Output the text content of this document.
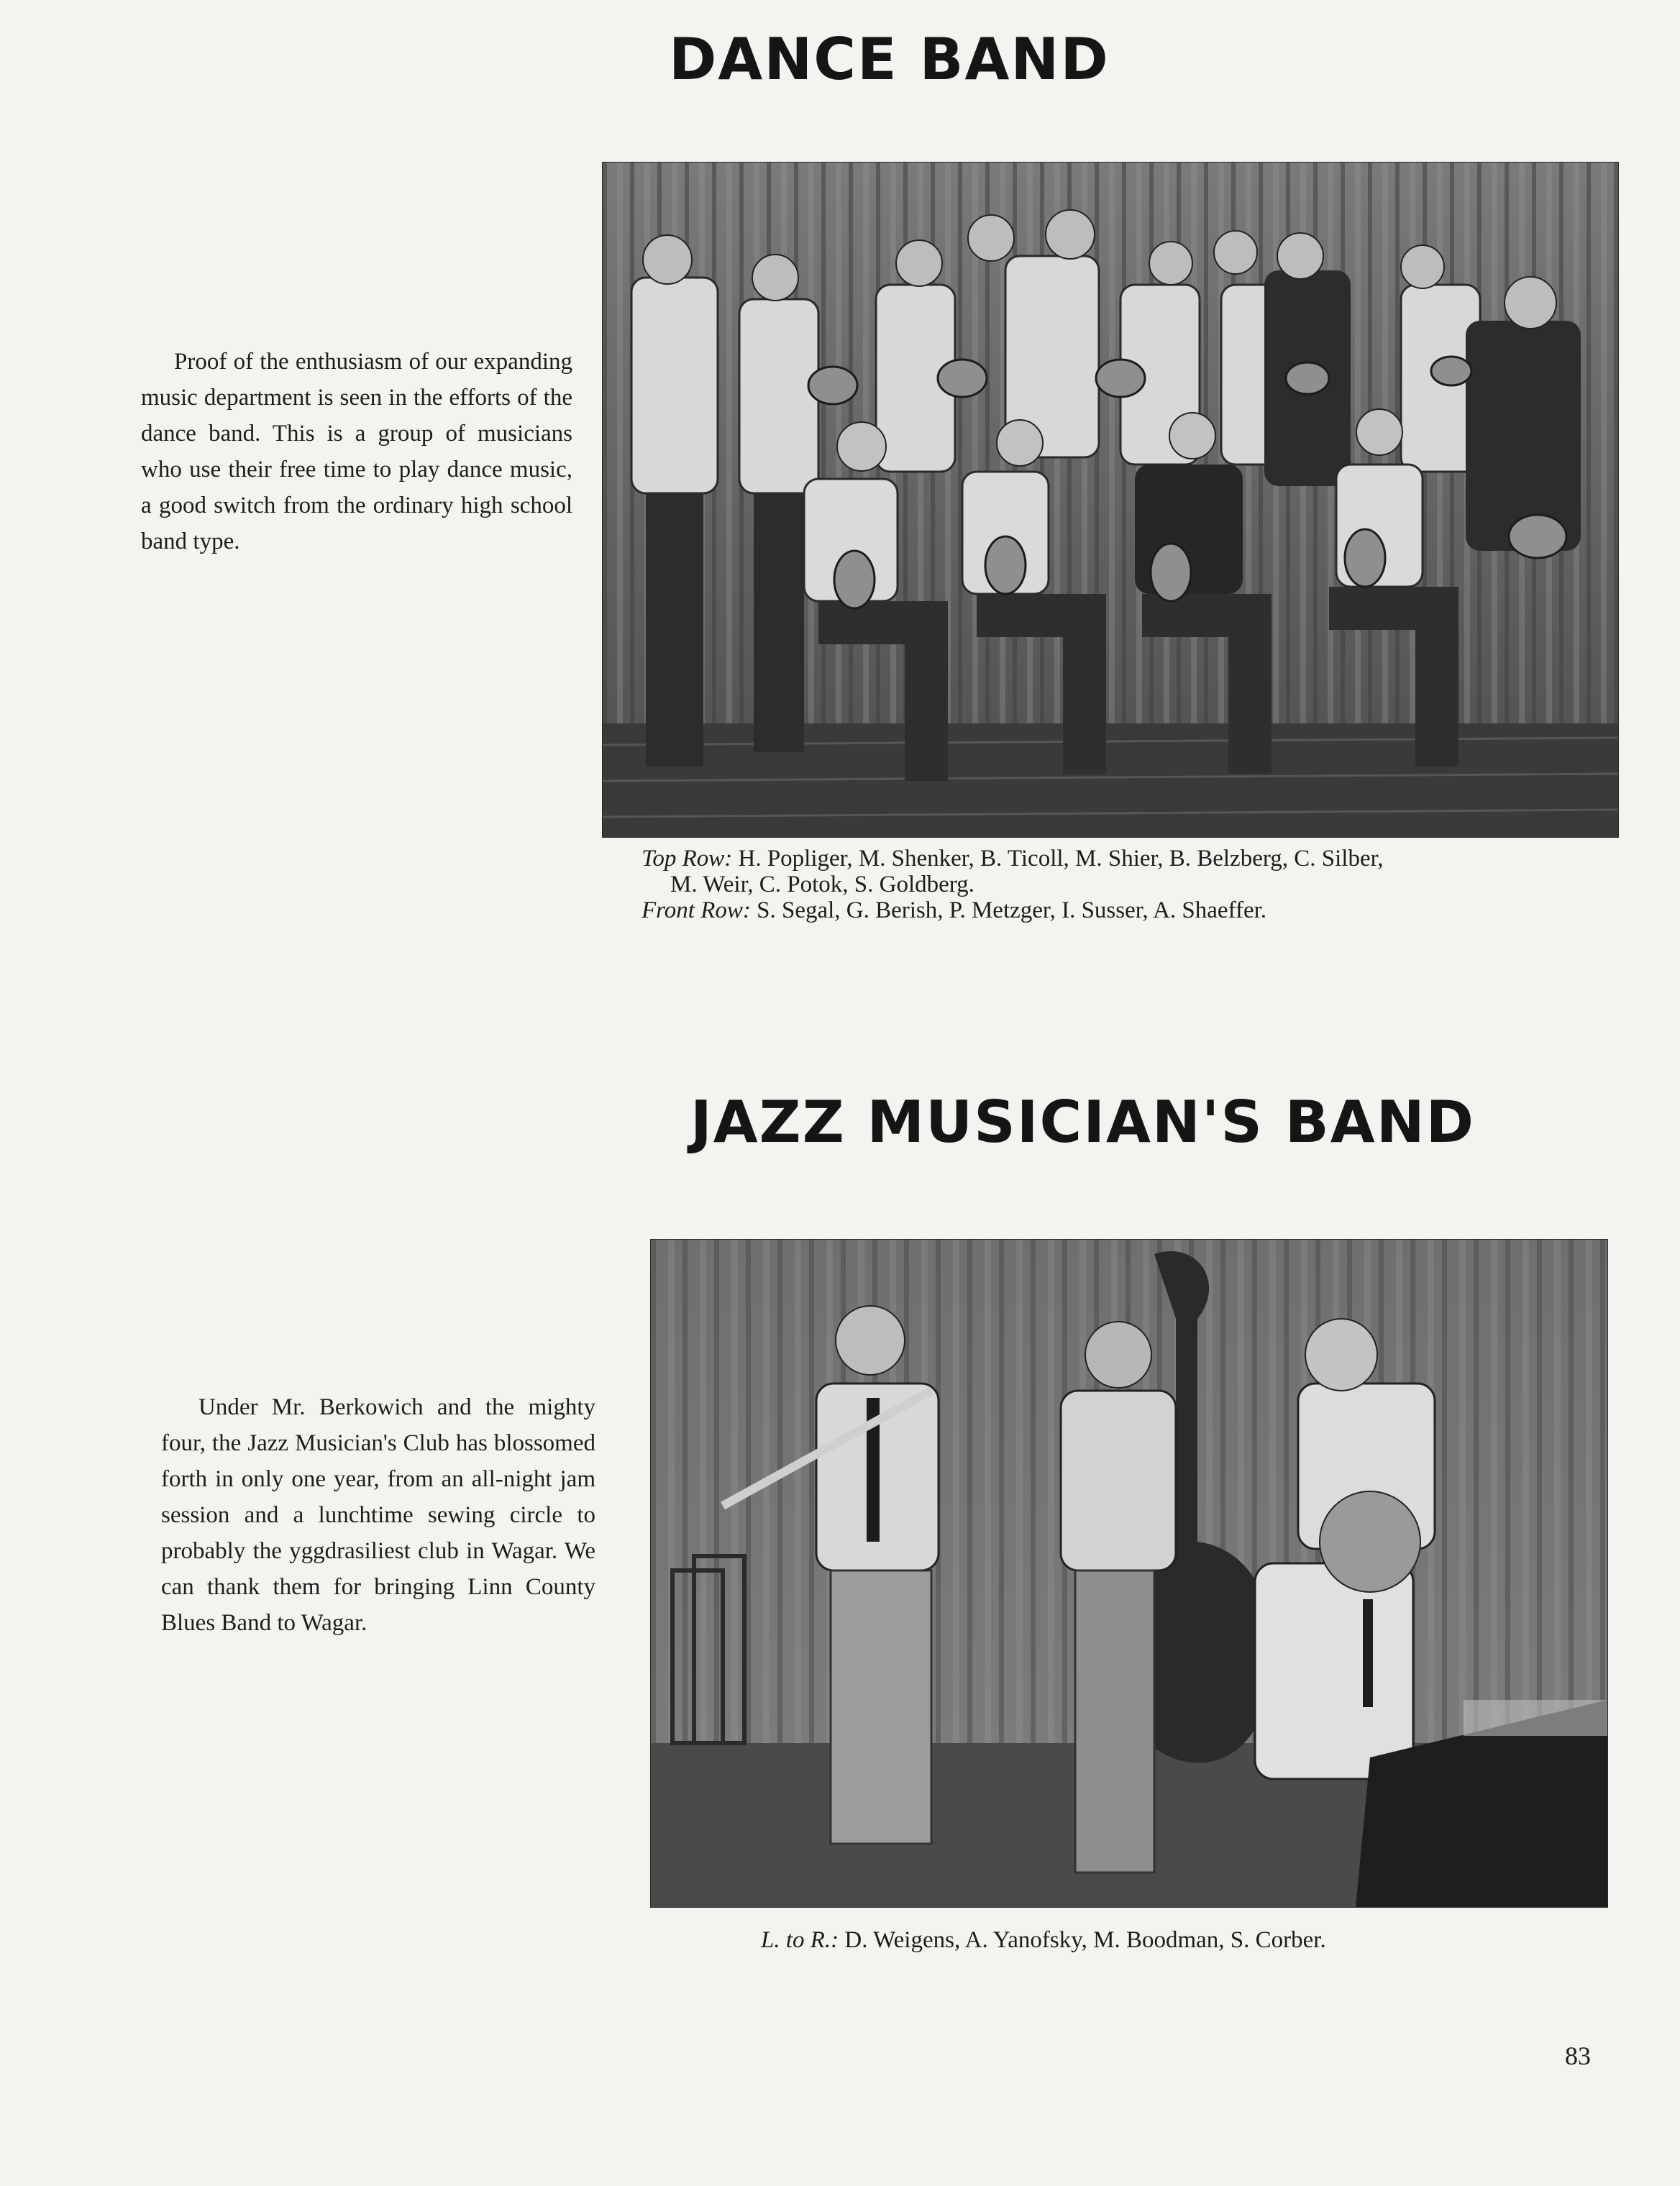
DANCE BAND

Proof of the enthusiasm of our expanding music department is seen in the efforts of the dance band. This is a group of musicians who use their free time to play dance music, a good switch from the ordinary high school band type.

Top Row: H. Popliger, M. Shenker, B. Ticoll, M. Shier, B. Belzberg, C. Silber,
M. Weir, C. Potok, S. Goldberg.
Front Row: S. Segal, G. Berish, P. Metzger, I. Susser, A. Shaeffer.

JAZZ MUSICIAN'S BAND

Under Mr. Berkowich and the mighty four, the Jazz Musician's Club has blossomed forth in only one year, from an all-night jam session and a lunchtime sewing circle to probably the yggdrasiliest club in Wagar. We can thank them for bringing Linn County Blues Band to Wagar.

L. to R.: D. Weigens, A. Yanofsky, M. Boodman, S. Corber.

83
